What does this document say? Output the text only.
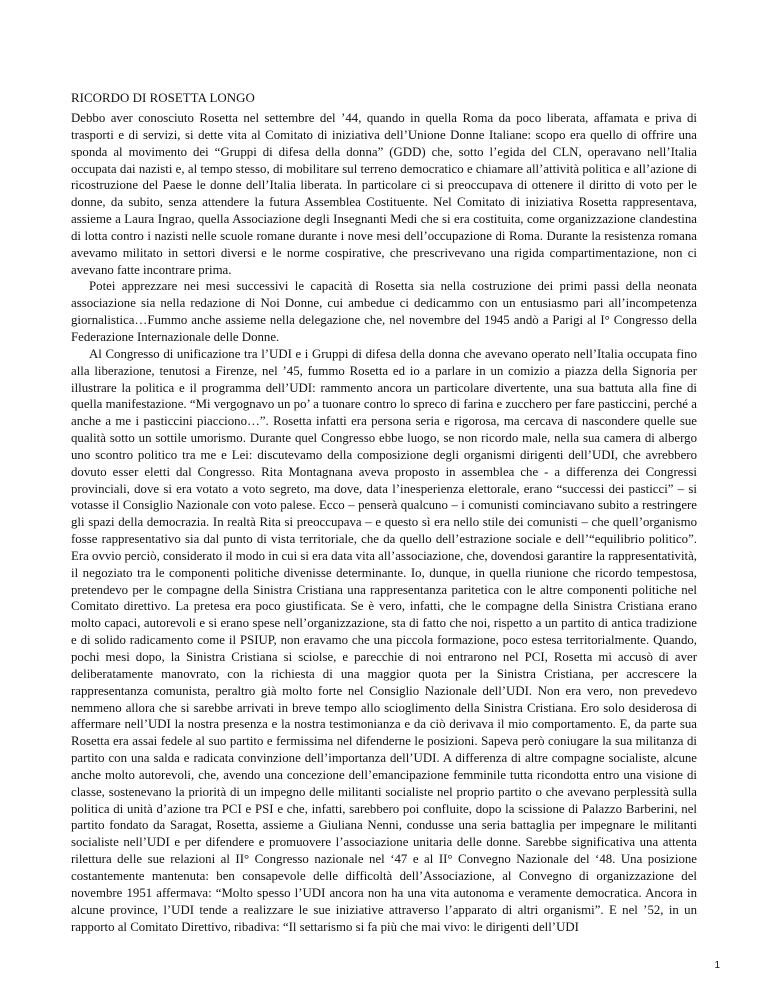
RICORDO DI ROSETTA LONGO

Debbo aver conosciuto Rosetta nel settembre del ’44, quando in quella Roma da poco liberata, affamata e priva di trasporti e di servizi, si dette vita al Comitato di iniziativa dell’Unione Donne Italiane: scopo era quello di offrire una sponda al movimento dei “Gruppi di difesa della donna” (GDD) che, sotto l’egida del CLN, operavano nell’Italia occupata dai nazisti e, al tempo stesso, di mobilitare sul terreno democratico e chiamare all’attività politica e all’azione di ricostruzione del Paese le donne dell’Italia liberata. In particolare ci si preoccupava di ottenere il diritto di voto per le donne, da subito, senza attendere la futura Assemblea Costituente. Nel Comitato di iniziativa Rosetta rappresentava, assieme a Laura Ingrao, quella Associazione degli Insegnanti Medi che si era costituita, come organizzazione clandestina di lotta contro i nazisti nelle scuole romane durante i nove mesi dell’occupazione di Roma. Durante la resistenza romana avevamo militato in settori diversi e le norme cospirative, che prescrivevano una rigida compartimentazione, non ci avevano fatte incontrare prima.

Potei apprezzare nei mesi successivi le capacità di Rosetta sia nella costruzione dei primi passi della neonata associazione sia nella redazione di Noi Donne, cui ambedue ci dedicammo con un entusiasmo pari all’incompetenza giornalistica…Fummo anche assieme nella delegazione che, nel novembre del 1945 andò a Parigi al I° Congresso della Federazione Internazionale delle Donne.

Al Congresso di unificazione tra l’UDI e i Gruppi di difesa della donna che avevano operato nell’Italia occupata fino alla liberazione, tenutosi a Firenze, nel ’45, fummo Rosetta ed io a parlare in un comizio a piazza della Signoria per illustrare la politica e il programma dell’UDI: rammento ancora un particolare divertente, una sua battuta alla fine di quella manifestazione. “Mi vergognavo un po’ a tuonare contro lo spreco di farina e zucchero per fare pasticcini, perché a anche a me i pasticcini piacciono…”. Rosetta infatti era persona seria e rigorosa, ma cercava di nascondere quelle sue qualità sotto un sottile umorismo. Durante quel Congresso ebbe luogo, se non ricordo male, nella sua camera di albergo uno scontro politico tra me e Lei: discutevamo della composizione degli organismi dirigenti dell’UDI, che avrebbero dovuto esser eletti dal Congresso. Rita Montagnana aveva proposto in assemblea che - a differenza dei Congressi provinciali, dove si era votato a voto segreto, ma dove, data l’inesperienza elettorale, erano “successi dei pasticci” – si votasse il Consiglio Nazionale con voto palese. Ecco – penserà qualcuno – i comunisti cominciavano subito a restringere gli spazi della democrazia. In realtà Rita si preoccupava – e questo sì era nello stile dei comunisti – che quell’organismo fosse rappresentativo sia dal punto di vista territoriale, che da quello dell’estrazione sociale e dell’“equilibrio politico”. Era ovvio perciò, considerato il modo in cui si era data vita all’associazione, che, dovendosi garantire la rappresentatività, il negoziato tra le componenti politiche divenisse determinante. Io, dunque, in quella riunione che ricordo tempestosa, pretendevo per le compagne della Sinistra Cristiana una rappresentanza paritetica con le altre componenti politiche nel Comitato direttivo. La pretesa era poco giustificata. Se è vero, infatti, che le compagne della Sinistra Cristiana erano molto capaci, autorevoli e si erano spese nell’organizzazione, sta di fatto che noi, rispetto a un partito di antica tradizione e di solido radicamento come il PSIUP, non eravamo che una piccola formazione, poco estesa territorialmente. Quando, pochi mesi dopo, la Sinistra Cristiana si sciolse, e parecchie di noi entrarono nel PCI, Rosetta mi accusò di aver deliberatamente manovrato, con la richiesta di una maggior quota per la Sinistra Cristiana, per accrescere la rappresentanza comunista, peraltro già molto forte nel Consiglio Nazionale dell’UDI. Non era vero, non prevedevo nemmeno allora che si sarebbe arrivati in breve tempo allo scioglimento della Sinistra Cristiana. Ero solo desiderosa di affermare nell’UDI la nostra presenza e la nostra testimonianza e da ciò derivava il mio comportamento. E, da parte sua Rosetta era assai fedele al suo partito e fermissima nel difenderne le posizioni. Sapeva però coniugare la sua militanza di partito con una salda e radicata convinzione dell’importanza dell’UDI. A differenza di altre compagne socialiste, alcune anche molto autorevoli, che, avendo una concezione dell’emancipazione femminile tutta ricondotta entro una visione di classe, sostenevano la priorità di un impegno delle militanti socialiste nel proprio partito o che avevano perplessità sulla politica di unità d’azione tra PCI e PSI e che, infatti, sarebbero poi confluite, dopo la scissione di Palazzo Barberini, nel partito fondato da Saragat, Rosetta, assieme a Giuliana Nenni, condusse una seria battaglia per impegnare le militanti socialiste nell’UDI e per difendere e promuovere l’associazione unitaria delle donne. Sarebbe significativa una attenta rilettura delle sue relazioni al II° Congresso nazionale nel ‘47 e al II° Convegno Nazionale del ‘48. Una posizione costantemente mantenuta: ben consapevole delle difficoltà dell’Associazione, al Convegno di organizzazione del novembre 1951 affermava: “Molto spesso l’UDI ancora non ha una vita autonoma e veramente democratica. Ancora in alcune province, l’UDI tende a realizzare le sue iniziative attraverso l’apparato di altri organismi”. E nel ’52, in un rapporto al Comitato Direttivo, ribadiva: “Il settarismo si fa più che mai vivo: le dirigenti dell’UDI

1
